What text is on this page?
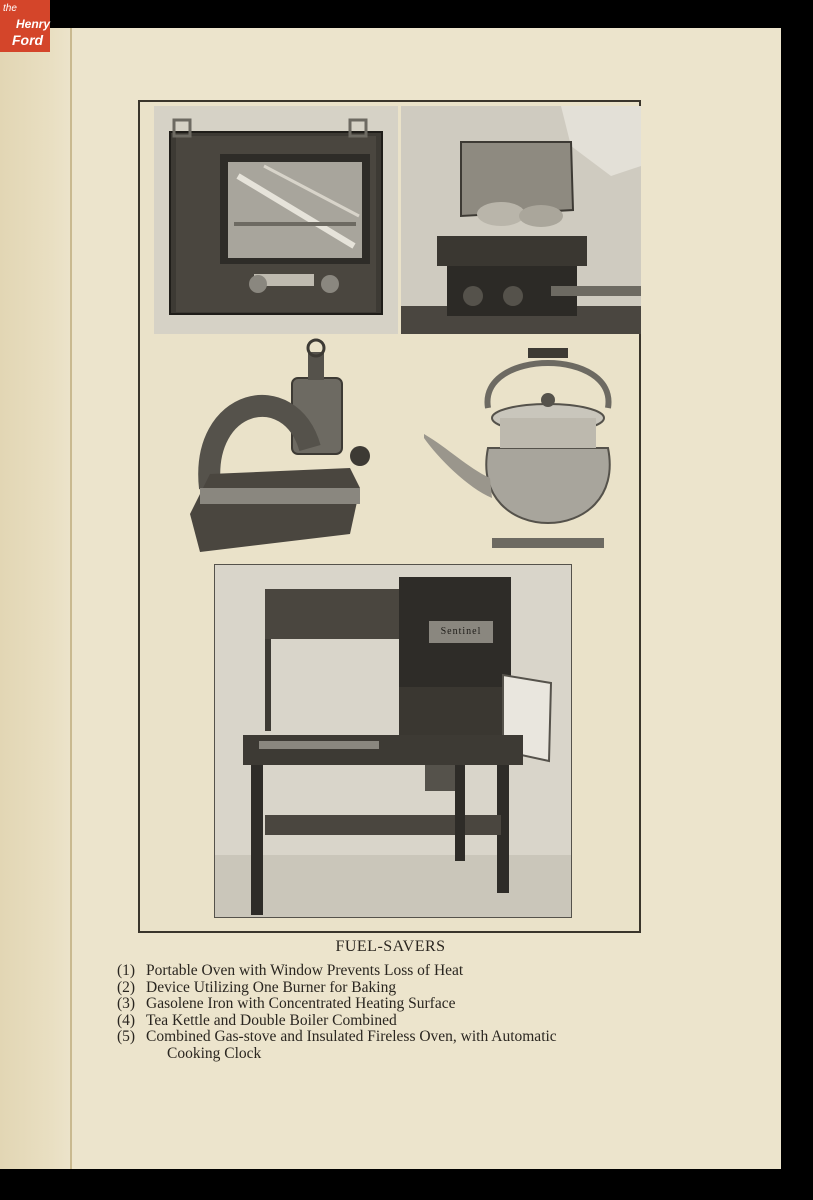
the
Henry
Ford
Sentinel
FUEL-SAVERS
(1) Portable Oven with Window Prevents Loss of Heat
(2) Device Utilizing One Burner for Baking
(3) Gasolene Iron with Concentrated Heating Surface
(4) Tea Kettle and Double Boiler Combined
(5) Combined Gas-stove and Insulated Fireless Oven, with Automatic
Cooking Clock
